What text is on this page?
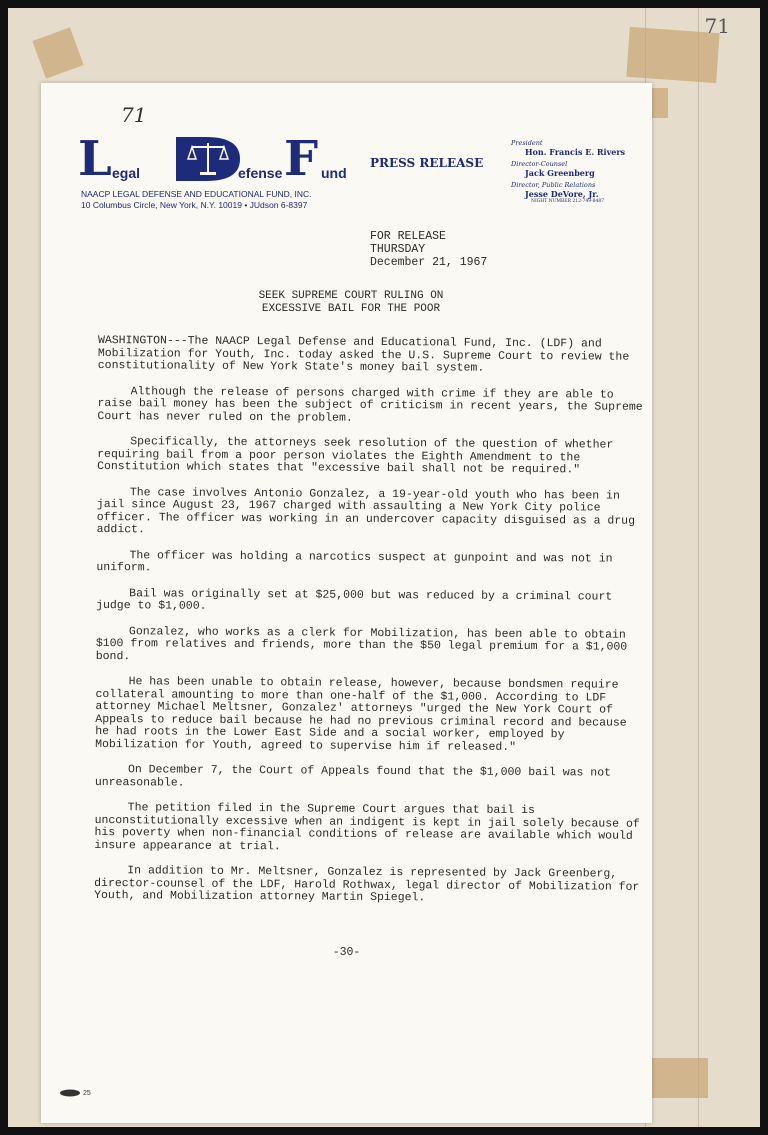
71
71
L egal	efense F und
NAACP LEGAL DEFENSE AND EDUCATIONAL FUND, INC.
10 Columbus Circle, New York, N.Y. 10019 • JUdson 6-8397
PRESS RELEASE
President
Hon. Francis E. Rivers
Director-Counsel
Jack Greenberg
Director, Public Relations
Jesse DeVore, Jr.
NIGHT NUMBER 212-749-8487
FOR RELEASE
THURSDAY
December 21, 1967
SEEK SUPREME COURT RULING ON
EXCESSIVE BAIL FOR THE POOR

WASHINGTON---The NAACP Legal Defense and Educational Fund, Inc. (LDF) and Mobilization for Youth, Inc. today asked the U.S. Supreme Court to review the constitutionality of New York State's money bail system.

Although the release of persons charged with crime if they are able to raise bail money has been the subject of criticism in recent years, the Supreme Court has never ruled on the problem.

Specifically, the attorneys seek resolution of the question of whether requiring bail from a poor person violates the Eighth Amendment to the Constitution which states that "excessive bail shall not be required."

The case involves Antonio Gonzalez, a 19-year-old youth who has been in jail since August 23, 1967 charged with assaulting a New York City police officer. The officer was working in an undercover capacity disguised as a drug addict.

The officer was holding a narcotics suspect at gunpoint and was not in uniform.

Bail was originally set at $25,000 but was reduced by a criminal court judge to $1,000.

Gonzalez, who works as a clerk for Mobilization, has been able to obtain $100 from relatives and friends, more than the $50 legal premium for a $1,000 bond.

He has been unable to obtain release, however, because bondsmen require collateral amounting to more than one-half of the $1,000. According to LDF attorney Michael Meltsner, Gonzalez' attorneys "urged the New York Court of Appeals to reduce bail because he had no previous criminal record and because he had roots in the Lower East Side and a social worker, employed by Mobilization for Youth, agreed to supervise him if released."

On December 7, the Court of Appeals found that the $1,000 bail was not unreasonable.

The petition filed in the Supreme Court argues that bail is unconstitutionally excessive when an indigent is kept in jail solely because of his poverty when non-financial conditions of release are available which would insure appearance at trial.

In addition to Mr. Meltsner, Gonzalez is represented by Jack Greenberg, director-counsel of the LDF, Harold Rothwax, legal director of Mobilization for Youth, and Mobilization attorney Martin Spiegel.

-30-
25
